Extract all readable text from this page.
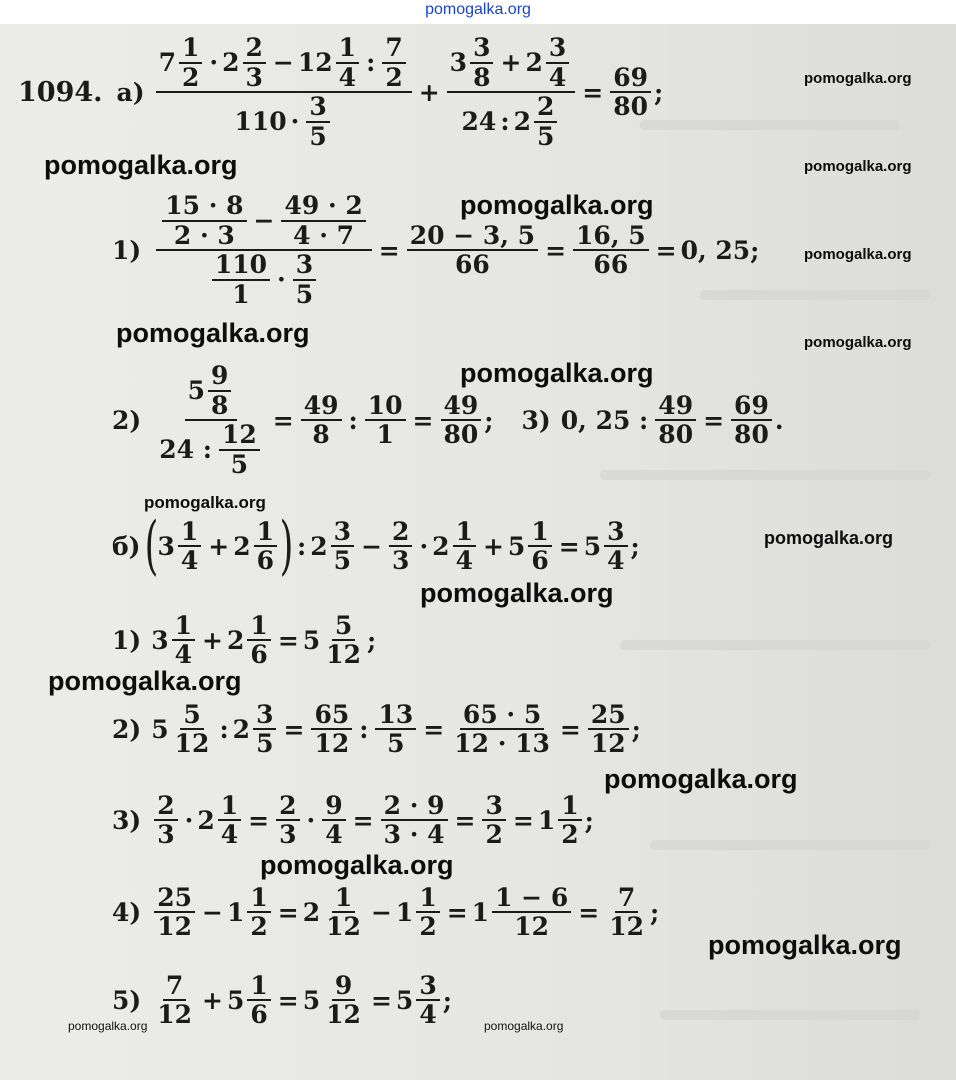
pomogalka.org
1094. $а) \frac{7 \frac{1}{2} \cdot 2 \frac{2}{3} - 12 \frac{1}{4} : \frac{7}{2}}{110 \cdot \frac{3}{5}} + \frac{3 \frac{3}{8} + 2 \frac{3}{4}}{24 : 2 \frac{2}{5}} = \frac{69}{80}$ ;
$1) \frac{\frac{15 \cdot 8}{2 \cdot 3} - \frac{49 \cdot 2}{4 \cdot 7}}{\frac{110}{1} \cdot \frac{3}{5}} = \frac{20 - 3, 5}{66} = \frac{16, 5}{66} = 0$, 25;
$2) \frac{5 \frac{9}{8}}{24 : \frac{12}{5}} = \frac{49}{8}$ : $\frac{10}{1} = \frac{49}{80}$ ; 3) 0, 25 : $\frac{49}{80} = \frac{69}{80}$ .
б) ( $3 \frac{1}{4} + 2 \frac{1}{6}$ ) : $2 \frac{3}{5} - \frac{2}{3} \cdot 2 \frac{1}{4} + 5 \frac{1}{6} = 5 \frac{3}{4}$ ;
1) $3 \frac{1}{4} + 2 \frac{1}{6} = 5 \frac{5}{12}$ ;
2) $5 \frac{5}{12}$ : $2 \frac{3}{5} = \frac{65}{12}$ : $\frac{13}{5} = \frac{65 \cdot 5}{12 \cdot 13} = \frac{25}{12}$ ;
$3) \frac{2}{3} \cdot 2 \frac{1}{4} = \frac{2}{3} \cdot \frac{9}{4} = \frac{2 \cdot 9}{3 \cdot 4} = \frac{3}{2} = 1 \frac{1}{2}$ ;
$4) \frac{25}{12} - 1 \frac{1}{2} = 2 \frac{1}{12} - 1 \frac{1}{2} = 1 \frac{1 - 6}{12} = \frac{7}{12}$ ;
$5) \frac{7}{12} + 5 \frac{1}{6} = 5 \frac{9}{12} = 5 \frac{3}{4}$ ;
pomogalka.org
pomogalka.org	pomogalka.org
pomogalka.org
pomogalka.org
pomogalka.org	pomogalka.org
pomogalka.org
pomogalka.org
pomogalka.org
pomogalka.org
pomogalka.org
pomogalka.org
pomogalka.org
pomogalka.org
pomogalka.org	pomogalka.org
